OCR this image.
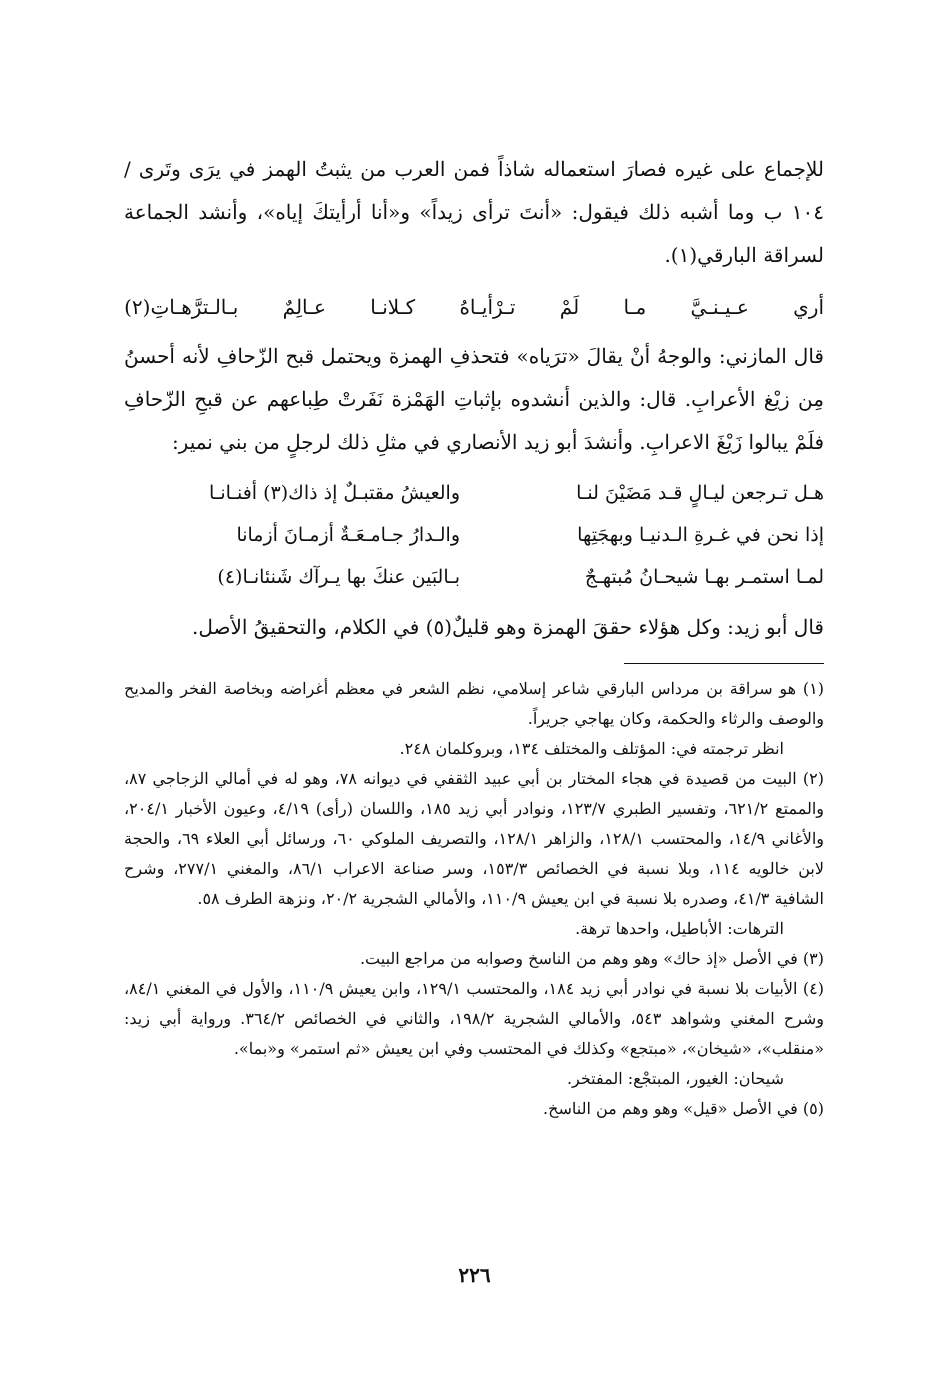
للإجماع على غيره فصارَ استعماله شاذاً فمن العرب من يثبتُ الهمز في يرَى وتَرى /١٠٤ ب وما أشبه ذلك فيقول: «أنتَ ترأى زيداً» و«أنا أرأيتكَ إياه»، وأنشد الجماعة لسراقة البارقي(١).

أري
عـيـنـيَّ
مـا
لَمْ
تـرْأيـاهُ
كـلانـا
عـالِمٌ
بـالـترَّهـاتِ(٢)

قال المازني: والوجهُ أنْ يقالَ «ترَياه» فتحذفِ الهمزة ويحتمل قبح الزّحافِ لأنه أحسنُ مِن زيْغ الأعرابِ. قال: والذين أنشدوه بإثباتِ الهَمْزة نَفَرتْ طِباعهم عن قبحِ الزّحافِ فلَمْ يبالوا زَيْغَ الاعرابِ. وأنشدَ أبو زيد الأنصاري في مثلِ ذلك لرجلٍ من بني نمير:

هـل تـرجعن ليـالٍ قـد مَضَيْنَ لنـا
والعيشُ مقتبـلٌ إذ ذاك(٣) أفنـانـا
إذا نحن في غـرةِ الـدنيـا وبهجَتِها
والـدارُ جـامـعَـةٌ أزمـانَ أزمانا
لمـا استمـر بهـا شيحـانُ مُبتهـجٌ
بـالبَين عنكَ بها يـرآك شَنئانـا(٤)

قال أبو زيد: وكل هؤلاء حققَ الهمزة وهو قليلٌ(٥) في الكلام، والتحقيقُ الأصل.

(١) هو سراقة بن مرداس البارقي شاعر إسلامي، نظم الشعر في معظم أغراضه وبخاصة الفخر والمديح والوصف والرثاء والحكمة، وكان يهاجي جريراً.

انظر ترجمته في: المؤتلف والمختلف ١٣٤، وبروكلمان ٢٤٨.

(٢) البيت من قصيدة في هجاء المختار بن أبي عبيد الثقفي في ديوانه ٧٨، وهو له في أمالي الزجاجي ٨٧، والممتع ٦٢١/٢، وتفسير الطبري ١٢٣/٧، ونوادر أبي زيد ١٨٥، واللسان (رأى) ٤/١٩، وعيون الأخبار ٢٠٤/١، والأغاني ١٤/٩، والمحتسب ١٢٨/١، والزاهر ١٢٨/١، والتصريف الملوكي ٦٠، ورسائل أبي العلاء ٦٩، والحجة لابن خالويه ١١٤، وبلا نسبة في الخصائص ١٥٣/٣، وسر صناعة الاعراب ٨٦/١، والمغني ٢٧٧/١، وشرح الشافية ٤١/٣، وصدره بلا نسبة في ابن يعيش ١١٠/٩، والأمالي الشجرية ٢٠/٢، ونزهة الطرف ٥٨.

الترهات: الأباطيل، واحدها ترهة.

(٣) في الأصل «إذ حاك» وهو وهم من الناسخ وصوابه من مراجع البيت.

(٤) الأبيات بلا نسبة في نوادر أبي زيد ١٨٤، والمحتسب ١٢٩/١، وابن يعيش ١١٠/٩، والأول في المغني ٨٤/١، وشرح المغني وشواهد ٥٤٣، والأمالي الشجرية ١٩٨/٢، والثاني في الخصائص ٣٦٤/٢. ورواية أبي زيد: «منقلب»، «شيخان»، «مبتجع» وكذلك في المحتسب وفي ابن يعيش «ثم استمر» و«بما».

شيحان: الغيور، المبتجْع: المفتخر.

(٥) في الأصل «قيل» وهو وهم من الناسخ.

٢٢٦
